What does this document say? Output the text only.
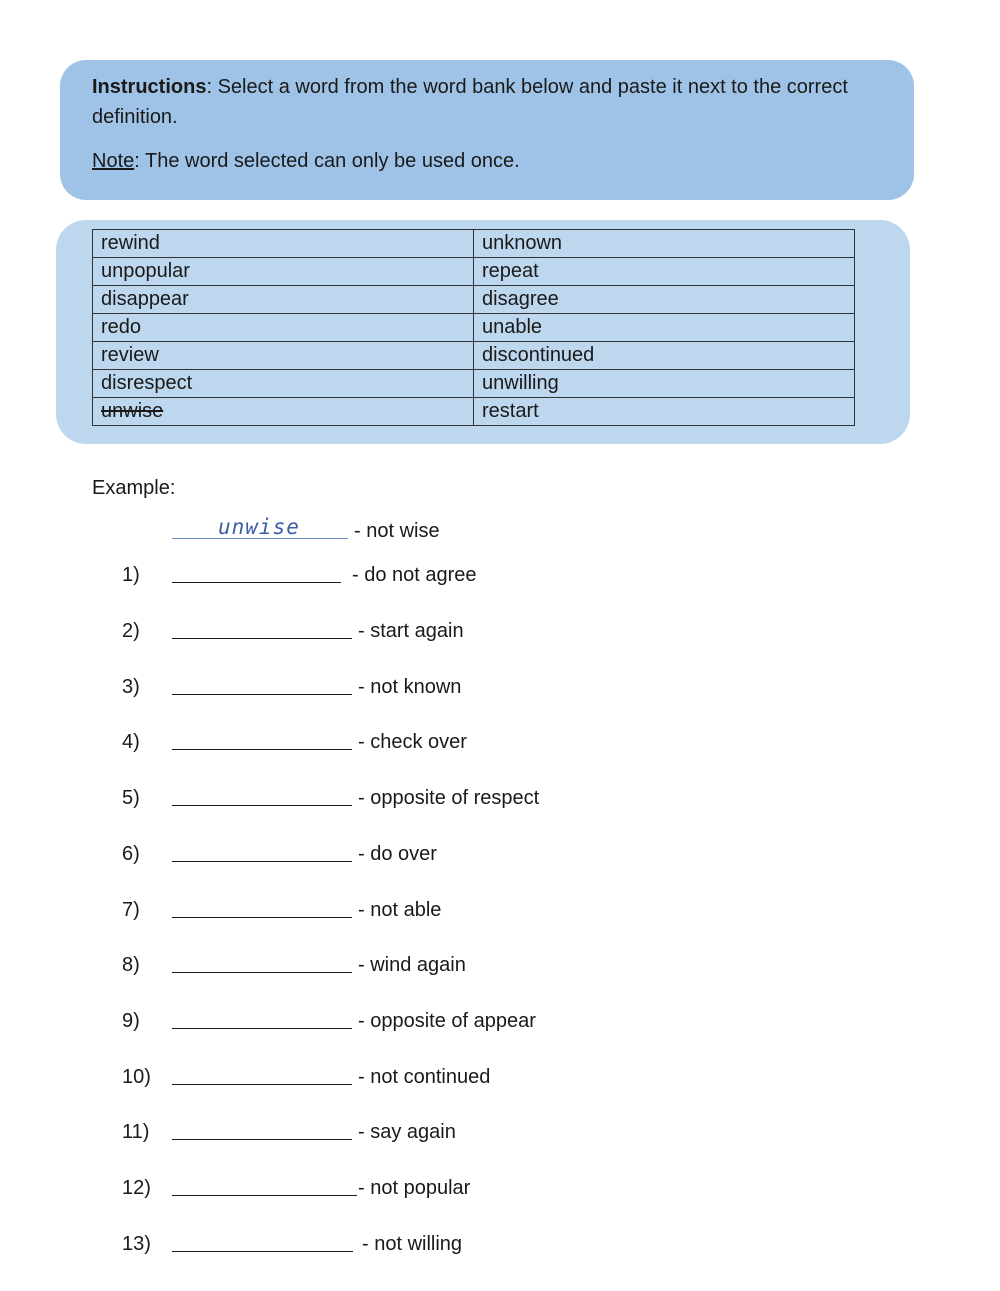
Instructions: Select a word from the word bank below and paste it next to the correct definition.

Note: The word selected can only be used once.

rewind	unknown
unpopular	repeat
disappear	disagree
redo	unable
review	discontinued
disrespect	unwilling
unwise	restart
Example:
unwise	- not wise
1)	- do not agree
2)	- start again
3)	- not known
4)	- check over
5)	- opposite of respect
6)	- do over
7)	- not able
8)	- wind again
9)	- opposite of appear
10)	- not continued
11)	- say again
12)	- not popular
13)	- not willing
